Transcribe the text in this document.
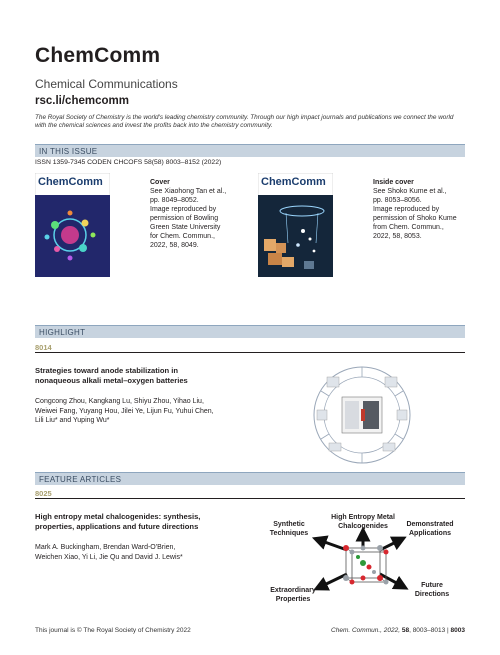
ChemComm
Chemical Communications
rsc.li/chemcomm
The Royal Society of Chemistry is the world's leading chemistry community. Through our high impact journals and publications we connect the world with the chemical sciences and invest the profits back into the chemistry community.
IN THIS ISSUE
ISSN 1359-7345 CODEN CHCOFS 58(58) 8003–8152 (2022)
ChemComm	Cover
See Xiaohong Tan et al.,
pp. 8049–8052.
Image reproduced by
permission of Bowling
Green State University
for Chem. Commun.,
2022, 58, 8049.
ChemComm	Inside cover
See Shoko Kume et al.,
pp. 8053–8056.
Image reproduced by
permission of Shoko Kume
from Chem. Commun.,
2022, 58, 8053.
HIGHLIGHT
8014
Strategies toward anode stabilization in
nonaqueous alkali metal–oxygen batteries
Congcong Zhou, Kangkang Lu, Shiyu Zhou, Yihao Liu,
Weiwei Fang, Yuyang Hou, Jilei Ye, Lijun Fu, Yuhui Chen,
Lili Liu* and Yuping Wu*
FEATURE ARTICLES
8025
High entropy metal chalcogenides: synthesis,
properties, applications and future directions
Mark A. Buckingham, Brendan Ward-O'Brien,
Weichen Xiao, Yi Li, Jie Qu and David J. Lewis*
High Entropy Metal
Chalcogenides
Synthetic
Techniques
Demonstrated
Applications
Extraordinary
Properties
Future
Directions
This journal is © The Royal Society of Chemistry 2022	Chem. Commun., 2022, 58, 8003–8013 | 8003
